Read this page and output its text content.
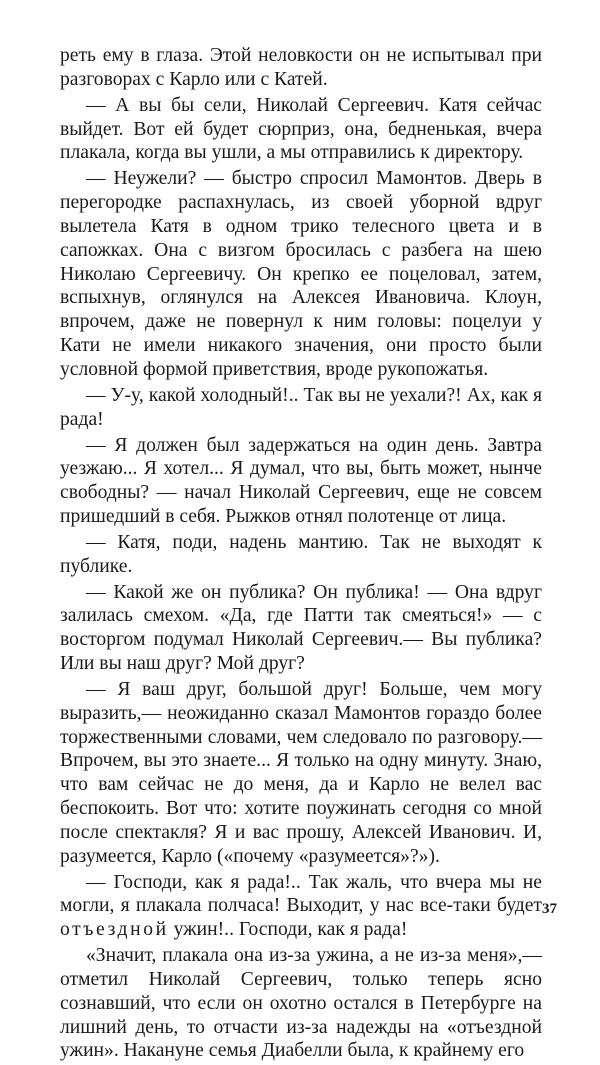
реть ему в глаза. Этой неловкости он не испытывал при разговорах с Карло или с Катей.

— А вы бы сели, Николай Сергеевич. Катя сейчас выйдет. Вот ей будет сюрприз, она, бедненькая, вчера плакала, когда вы ушли, а мы отправились к директору.

— Неужели? — быстро спросил Мамонтов. Дверь в перегородке распахнулась, из своей уборной вдруг вылетела Катя в одном трико телесного цвета и в сапожках. Она с визгом бросилась с разбега на шею Николаю Сергеевичу. Он крепко ее поцеловал, затем, вспыхнув, оглянулся на Алексея Ивановича. Клоун, впрочем, даже не повернул к ним головы: поцелуи у Кати не имели никакого значения, они просто были условной формой приветствия, вроде рукопожатья.

— У-у, какой холодный!.. Так вы не уехали?! Ах, как я рада!

— Я должен был задержаться на один день. Завтра уезжаю... Я хотел... Я думал, что вы, быть может, нынче свободны? — начал Николай Сергеевич, еще не совсем пришедший в себя. Рыжков отнял полотенце от лица.

— Катя, поди, надень мантию. Так не выходят к публике.

— Какой же он публика? Он публика! — Она вдруг залилась смехом. «Да, где Патти так смеяться!» — с восторгом подумал Николай Сергеевич.— Вы публика? Или вы наш друг? Мой друг?

— Я ваш друг, большой друг! Больше, чем могу выразить,— неожиданно сказал Мамонтов гораздо более торжественными словами, чем следовало по разговору.— Впрочем, вы это знаете... Я только на одну минуту. Знаю, что вам сейчас не до меня, да и Карло не велел вас беспокоить. Вот что: хотите поужинать сегодня со мной после спектакля? Я и вас прошу, Алексей Иванович. И, разумеется, Карло («почему «разумеется»?»).

— Господи, как я рада!.. Так жаль, что вчера мы не могли, я плакала полчаса! Выходит, у нас все-таки будет отъездной ужин!.. Господи, как я рада!

«Значит, плакала она из-за ужина, а не из-за меня»,— отметил Николай Сергеевич, только теперь ясно сознавший, что если он охотно остался в Петербурге на лишний день, то отчасти из-за надежды на «отъездной ужин». Накануне семья Диабелли была, к крайнему его

37
